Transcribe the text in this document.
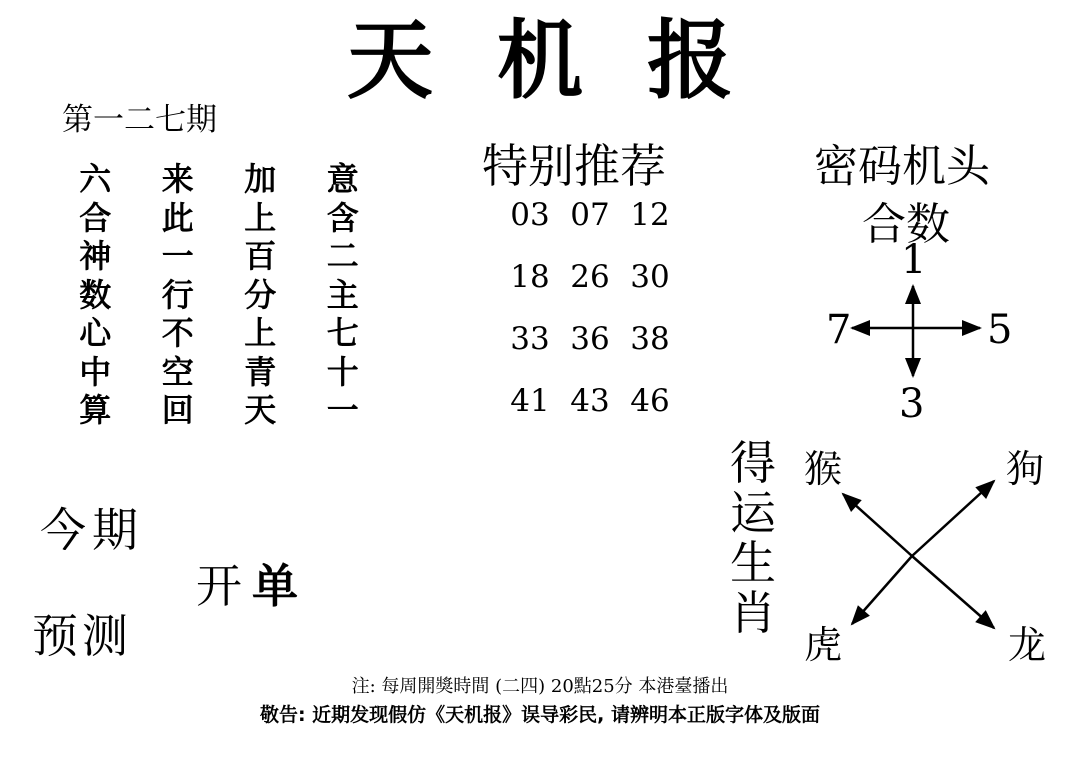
天机报
第一二七期
六
合
神
数
心
中
算
来
此
一
行
不
空
回
加
上
百
分
上
青
天
意
含
二
主
七
十
一
特别推荐
03 07 12
18 26 30
33 36 38
41 43 46
密码机头
合数
1
7	5
3
今期
开单
预测
得
运
生
肖
猴	狗
虎	龙
注: 每周開獎時間 (二四) 20點25分 本港臺播出
敬告: 近期发现假仿《天机报》误导彩民, 请辨明本正版字体及版面
